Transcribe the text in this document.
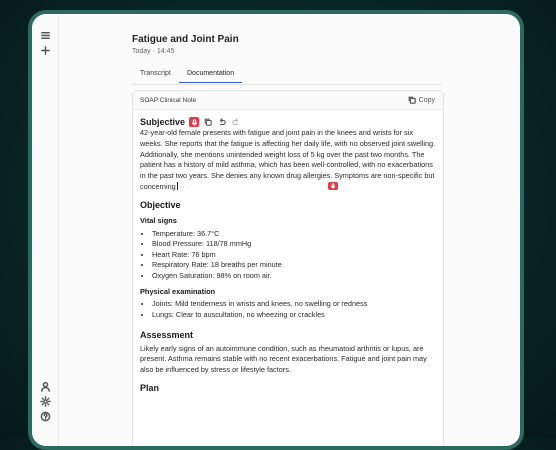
Fatigue and Joint Pain
Today · 14:45
Transcript	Documentation
SOAP Clinical Note	Copy
Subjective

42-year-old female presents with fatigue and joint pain in the knees and wrists for six weeks. She reports that the fatigue is affecting her daily life, with no observed joint swelling. Additionally, she mentions unintended weight loss of 5 kg over the past two months. The patient has a history of mild asthma, which has been well-controlled, with no exacerbations in the past two years. She denies any known drug allergies. Symptoms are non-specific but concerning ···

Objective
Vital signs
• Temperature: 36.7°C
• Blood Pressure: 118/78 mmHg
• Heart Rate: 76 bpm
• Respiratory Rate: 18 breaths per minute
• Oxygen Saturation: 98% on room air.
Physical examination
• Joints: Mild tenderness in wrists and knees, no swelling or redness
• Lungs: Clear to auscultation, no wheezing or crackles
Assessment

Likely early signs of an autoimmune condition, such as rheumatoid arthritis or lupus, are present. Asthma remains stable with no recent exacerbations. Fatigue and joint pain may also be influenced by stress or lifestyle factors.

Plan
